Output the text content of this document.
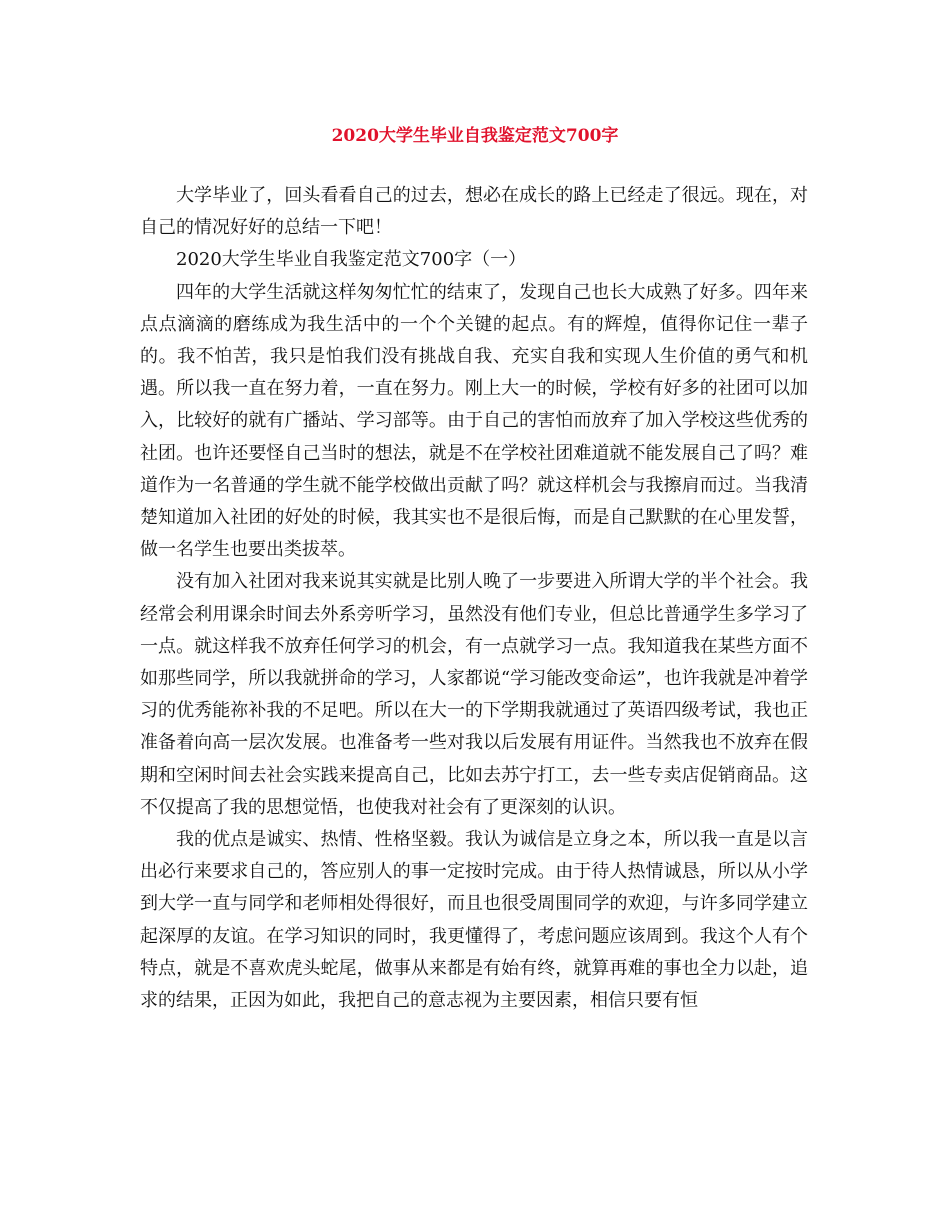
2020大学生毕业自我鉴定范文700字

大学毕业了，回头看看自己的过去，想必在成长的路上已经走了很远。现在，对自己的情况好好的总结一下吧！

2020大学生毕业自我鉴定范文700字（一）

四年的大学生活就这样匆匆忙忙的结束了，发现自己也长大成熟了好多。四年来点点滴滴的磨练成为我生活中的一个个关键的起点。有的辉煌，值得你记住一辈子的。我不怕苦，我只是怕我们没有挑战自我、充实自我和实现人生价值的勇气和机遇。所以我一直在努力着，一直在努力。刚上大一的时候，学校有好多的社团可以加入，比较好的就有广播站、学习部等。由于自己的害怕而放弃了加入学校这些优秀的社团。也许还要怪自己当时的想法，就是不在学校社团难道就不能发展自己了吗？难道作为一名普通的学生就不能学校做出贡献了吗？就这样机会与我擦肩而过。当我清楚知道加入社团的好处的时候，我其实也不是很后悔，而是自己默默的在心里发誓，做一名学生也要出类拔萃。

没有加入社团对我来说其实就是比别人晚了一步要进入所谓大学的半个社会。我经常会利用课余时间去外系旁听学习，虽然没有他们专业，但总比普通学生多学习了一点。就这样我不放弃任何学习的机会，有一点就学习一点。我知道我在某些方面不如那些同学，所以我就拼命的学习，人家都说“学习能改变命运”，也许我就是冲着学习的优秀能祢补我的不足吧。所以在大一的下学期我就通过了英语四级考试，我也正准备着向高一层次发展。也准备考一些对我以后发展有用证件。当然我也不放弃在假期和空闲时间去社会实践来提高自己，比如去苏宁打工，去一些专卖店促销商品。这不仅提高了我的思想觉悟，也使我对社会有了更深刻的认识。

我的优点是诚实、热情、性格坚毅。我认为诚信是立身之本，所以我一直是以言出必行来要求自己的，答应别人的事一定按时完成。由于待人热情诚恳，所以从小学到大学一直与同学和老师相处得很好，而且也很受周围同学的欢迎，与许多同学建立起深厚的友谊。在学习知识的同时，我更懂得了，考虑问题应该周到。我这个人有个特点，就是不喜欢虎头蛇尾，做事从来都是有始有终，就算再难的事也全力以赴，追求的结果，正因为如此，我把自己的意志视为主要因素，相信只要有恒
